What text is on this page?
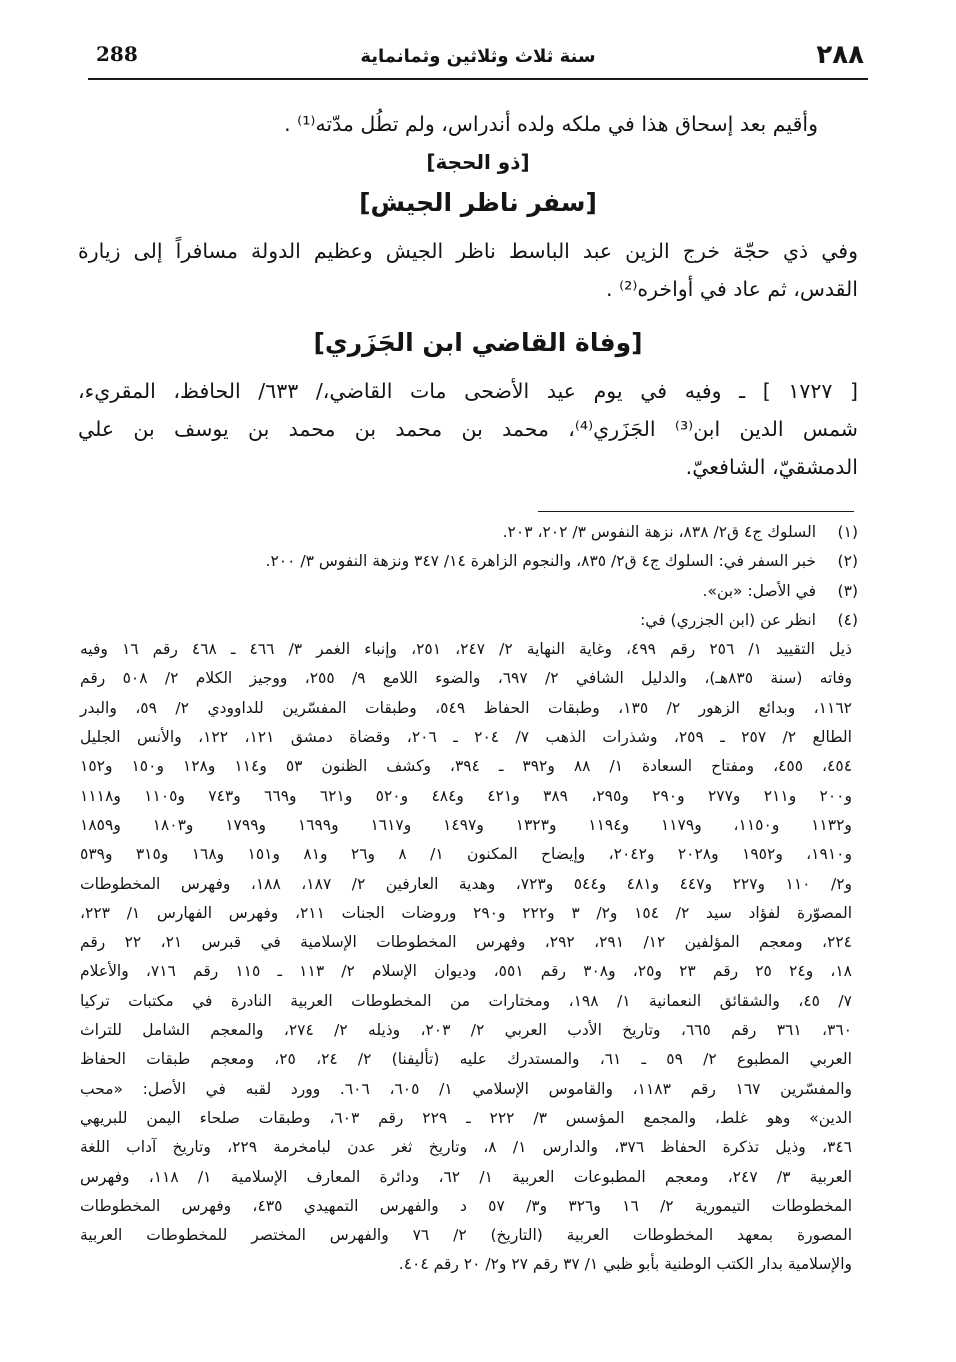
288	سنة ثلاث وثلاثين وثمانماية	٢٨٨
وأقيم بعد إسحاق هذا في ملكه ولده أندراس، ولم تطُل مدّته⁽¹⁾ .
[ذو الحجة]
[سفر ناظر الجيش]
وفي ذي حجّة خرج الزين عبد الباسط ناظر الجيش وعظيم الدولة مسافراً إلى زيارة
القدس، ثم عاد في أواخره⁽²⁾ .
[وفاة القاضي ابن الجَزَري]
[ ١٧٢٧ ] ـ وفيه في يوم عيد الأضحى مات القاضي،/ ٦٣٣/ الحافظ، المقريء،
شمس الدين ابن⁽³⁾ الجَزَري⁽⁴⁾، محمد بن محمد بن محمد بن يوسف بن علي
الدمشقيّ، الشافعيّ.
(١)
السلوك ج٤ ق٢/ ٨٣٨، نزهة النفوس ٣/ ٢٠٢، ٢٠٣.
(٢)
خبر السفر في: السلوك ج٤ ق٢/ ٨٣٥، والنجوم الزاهرة ١٤/ ٣٤٧ ونزهة النفوس ٣/ ٢٠٠.
(٣)
في الأصل: «بن».
(٤)
انظر عن (ابن الجزري) في:
ذيل التقييد ١/ ٢٥٦ رقم ٤٩٩، وغاية النهاية ٢/ ٢٤٧، ٢٥١، وإنباء الغمر ٣/ ٤٦٦ ـ ٤٦٨ رقم ١٦ وفيه
وفاته (سنة ٨٣٥هـ)، والدليل الشافي ٢/ ٦٩٧، والضوء اللامع ٩/ ٢٥٥، ووجيز الكلام ٢/ ٥٠٨ رقم
١١٦٢، وبدائع الزهور ٢/ ١٣٥، وطبقات الحفاظ ٥٤٩، وطبقات المفسّرين للداوودي ٢/ ٥٩، والبدر
الطالع ٢/ ٢٥٧ ـ ٢٥٩، وشذرات الذهب ٧/ ٢٠٤ ـ ٢٠٦، وقضاة دمشق ١٢١، ١٢٢، والأنس الجليل
٤٥٤، ٤٥٥، ومفتاح السعادة ١/ ٨٨ و٣٩٢ ـ ٣٩٤، وكشف الظنون ٥٣ و١١٤ و١٢٨ و١٥٠ و١٥٢
و٢٠٠ و٢١١ و٢٧٧ و٢٩٠ و٢٩٥، ٣٨٩ و٤٢١ و٤٨٤ و٥٢٠ و٦٢١ و٦٦٩ و٧٤٣ و١١٠٥ و١١١٨
و١١٣٢ و١١٥٠، و١١٧٩ و١١٩٤ و١٣٢٣ و١٤٩٧ و١٦١٧ و١٦٩٩ و١٧٩٩ و١٨٠٣ و١٨٥٩
و١٩١٠، و١٩٥٢ و٢٠٢٨ و٢٠٤٢، وإيضاح المكنون ١/ ٨ و٢٦ و٨١ و١٥١ و١٦٨ و٣١٥ و٥٣٩
و٢/ ١١٠ و٢٢٧ و٤٤٧ و٤٨١ و٥٤٤ و٧٢٣، وهدية العارفين ٢/ ١٨٧، ١٨٨، وفهرس المخطوطات
المصوّرة لفؤاد سيد ٢/ ١٥٤ و٢/ ٣ و٢٢٢ و٢٩٠ وروضات الجنات ٢١١، وفهرس الفهارس ١/ ٢٢٣،
٢٢٤، ومعجم المؤلفين ١٢/ ٢٩١، ٢٩٢، وفهرس المخطوطات الإسلامية في قبرس ٢١، ٢٢ رقم
١٨، و٢٤ ٢٥ رقم ٢٣ و٢٥، و٣٠٨ رقم ٥٥١، وديوان الإسلام ٢/ ١١٣ ـ ١١٥ رقم ٧١٦، والأعلام
٧/ ٤٥، والشقائق النعمانية ١/ ١٩٨، ومختارات من المخطوطات العربية النادرة في مكتبات تركيا
٣٦٠، ٣٦١ رقم ٦٦٥، وتاريخ الأدب العربي ٢/ ٢٠٣، وذيله ٢/ ٢٧٤، والمعجم الشامل للتراث
العربي المطبوع ٢/ ٥٩ ـ ٦١، والمستدرك عليه (تأليفنا) ٢/ ٢٤، ٢٥، ومعجم طبقات الحفاظ
والمفسّرين ١٦٧ رقم ١١٨٣، والقاموس الإسلامي ١/ ٦٠٥، ٦٠٦. وورد لقبه في الأصل: «محب
الدين» وهو غلط، والمجمع المؤسس ٣/ ٢٢٢ ـ ٢٢٩ رقم ٦٠٣، وطبقات صلحاء اليمن للبريهي
٣٤٦، وذيل تذكرة الحفاظ ٣٧٦، والدارس ١/ ٨، وتاريخ ثغر عدن لبامخرمة ٢٢٩، وتاريخ آداب اللغة
العربية ٣/ ٢٤٧، ومعجم المطبوعات العربية ١/ ٦٢، ودائرة المعارف الإسلامية ١/ ١١٨، وفهرس
المخطوطات التيمورية ٢/ ١٦ و٣٢٦ و٣/ ٥٧ د والفهرس التمهيدي ٤٣٥، وفهرس المخطوطات
المصورة بمعهد المخطوطات العربية (التاريخ) ٢/ ٧٦ والفهرس المختصر للمخطوطات العربية
والإسلامية بدار الكتب الوطنية بأبو ظبي ١/ ٣٧ رقم ٢٧ و٢/ ٢٠ رقم ٤٠٤.
